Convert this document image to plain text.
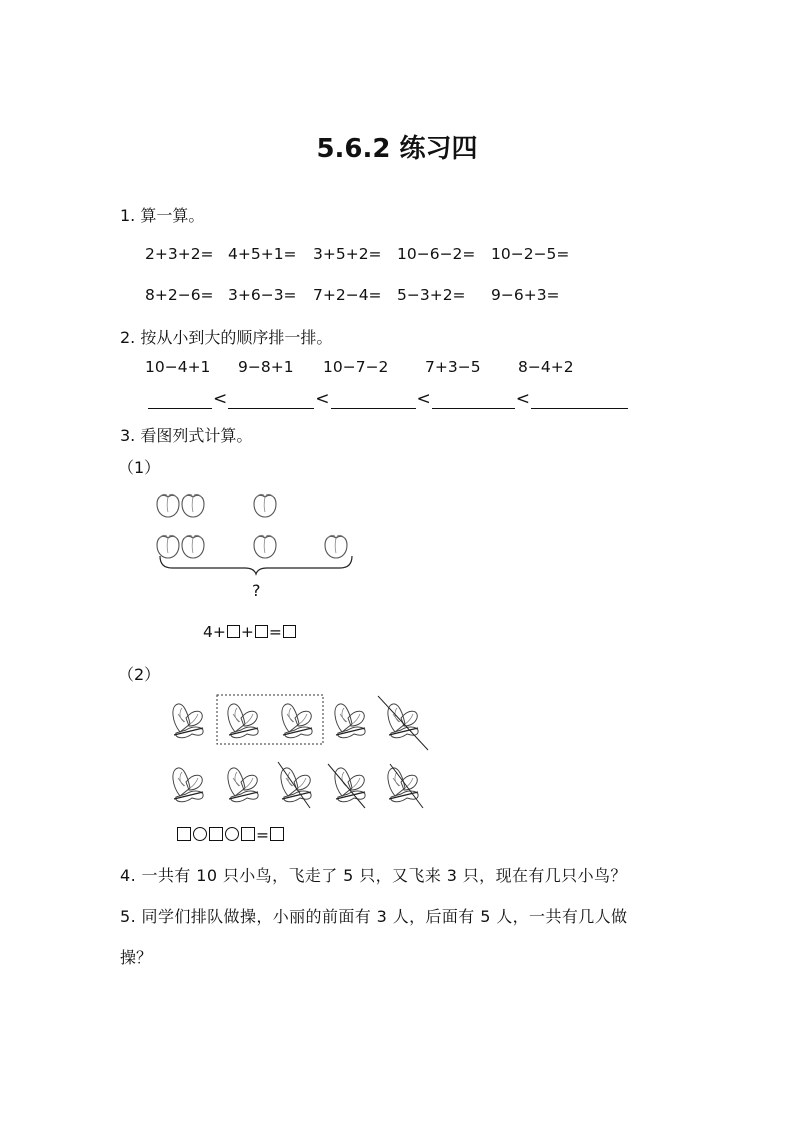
5.6.2 练习四
1. 算一算。
2+3+2= 4+5+1= 3+5+2= 10−6−2= 10−2−5=
8+2−6= 3+6−3= 7+2−4= 5−3+2= 9−6+3=
2. 按从小到大的顺序排一排。
10−4+1 9−8+1 10−7−2 7+3−5 8−4+2
<	<	<	<
3. 看图列式计算。
（1）
?
4+ + =
（2）
=
4. 一共有 10 只小鸟，飞走了 5 只，又飞来 3 只，现在有几只小鸟？
5. 同学们排队做操，小丽的前面有 3 人，后面有 5 人，一共有几人做
操？
